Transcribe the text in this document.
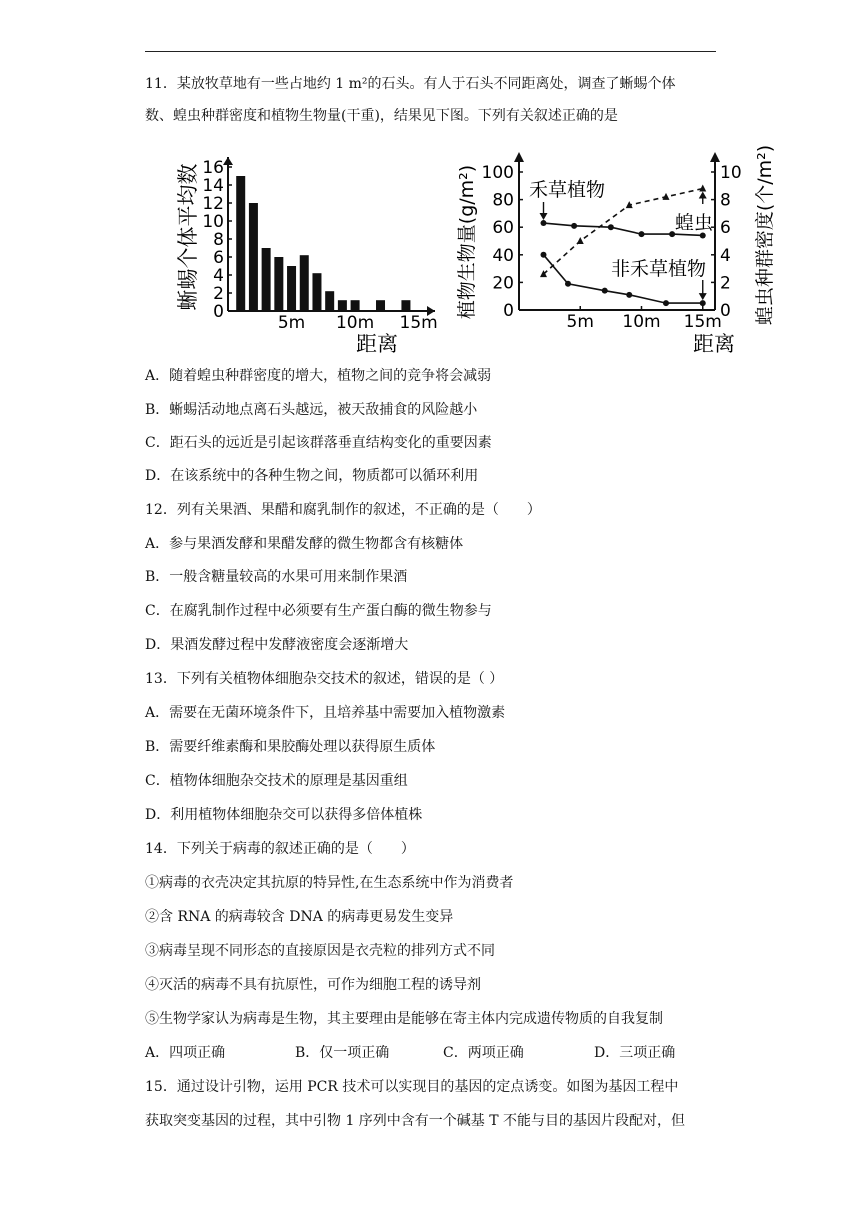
11．某放牧草地有一些占地约 1 m²的石头。有人于石头不同距离处，调查了蜥蜴个体
数、蝗虫种群密度和植物生物量(干重)，结果见下图。下列有关叙述正确的是
蜥蜴个体平均数
0
2
4
6
8
10
12
14
16
5m 10m 15m
距离
植物生物量(g/m²)	蝗虫种群密度(个/m²)
0
20
40
60
80
100
0
2
4
6
8
10
5m 10m 15m
禾草植物
蝗虫
非禾草植物
距离
A．随着蝗虫种群密度的增大，植物之间的竞争将会减弱
B．蜥蜴活动地点离石头越远，被天敌捕食的风险越小
C．距石头的远近是引起该群落垂直结构变化的重要因素
D．在该系统中的各种生物之间，物质都可以循环利用
12．列有关果酒、果醋和腐乳制作的叙述，不正确的是（　　）
A．参与果酒发酵和果醋发酵的微生物都含有核糖体
B．一般含糖量较高的水果可用来制作果酒
C．在腐乳制作过程中必须要有生产蛋白酶的微生物参与
D．果酒发酵过程中发酵液密度会逐渐增大
13．下列有关植物体细胞杂交技术的叙述，错误的是（ ）
A．需要在无菌环境条件下，且培养基中需要加入植物激素
B．需要纤维素酶和果胶酶处理以获得原生质体
C．植物体细胞杂交技术的原理是基因重组
D．利用植物体细胞杂交可以获得多倍体植株
14．下列关于病毒的叙述正确的是（　　）
①病毒的衣壳决定其抗原的特异性,在生态系统中作为消费者
②含 RNA 的病毒较含 DNA 的病毒更易发生变异
③病毒呈现不同形态的直接原因是衣壳粒的排列方式不同
④灭活的病毒不具有抗原性，可作为细胞工程的诱导剂
⑤生物学家认为病毒是生物，其主要理由是能够在寄主体内完成遗传物质的自我复制
A．四项正确	B．仅一项正确	C．两项正确	D．三项正确
15．通过设计引物，运用 PCR 技术可以实现目的基因的定点诱变。如图为基因工程中
获取突变基因的过程，其中引物 1 序列中含有一个碱基 T 不能与目的基因片段配对，但
